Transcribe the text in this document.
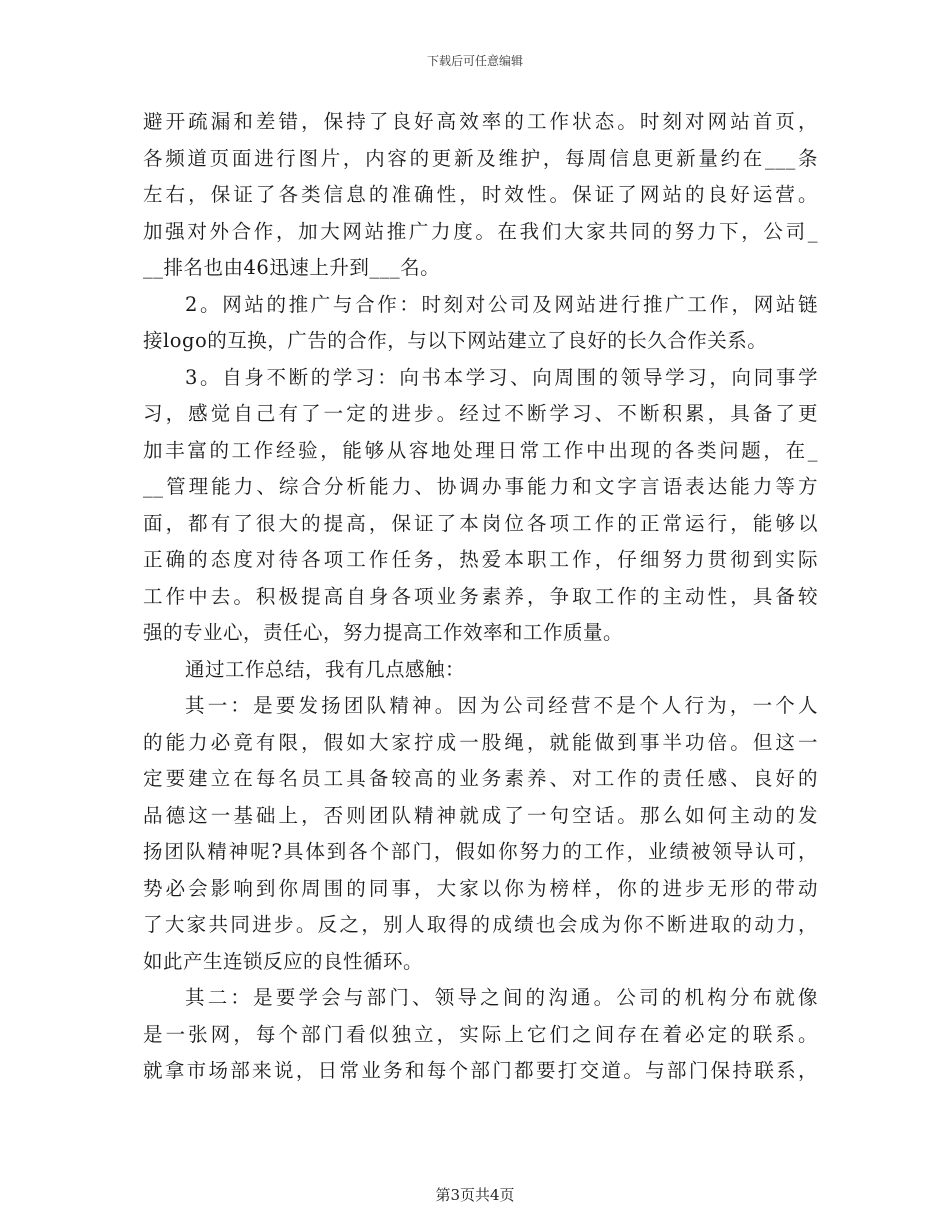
下载后可任意编辑
避开疏漏和差错，保持了良好高效率的工作状态。时刻对网站首页，
各频道页面进行图片，内容的更新及维护，每周信息更新量约在___条
左右，保证了各类信息的准确性，时效性。保证了网站的良好运营。
加强对外合作，加大网站推广力度。在我们大家共同的努力下，公司_
__排名也由46迅速上升到___名。
2。网站的推广与合作：时刻对公司及网站进行推广工作，网站链
接logo的互换，广告的合作，与以下网站建立了良好的长久合作关系。
3。自身不断的学习：向书本学习、向周围的领导学习，向同事学
习，感觉自己有了一定的进步。经过不断学习、不断积累，具备了更
加丰富的工作经验，能够从容地处理日常工作中出现的各类问题，在_
__管理能力、综合分析能力、协调办事能力和文字言语表达能力等方
面，都有了很大的提高，保证了本岗位各项工作的正常运行，能够以
正确的态度对待各项工作任务，热爱本职工作，仔细努力贯彻到实际
工作中去。积极提高自身各项业务素养，争取工作的主动性，具备较
强的专业心，责任心，努力提高工作效率和工作质量。
通过工作总结，我有几点感触：
其一：是要发扬团队精神。因为公司经营不是个人行为，一个人
的能力必竟有限，假如大家拧成一股绳，就能做到事半功倍。但这一
定要建立在每名员工具备较高的业务素养、对工作的责任感、良好的
品德这一基础上，否则团队精神就成了一句空话。那么如何主动的发
扬团队精神呢?具体到各个部门，假如你努力的工作，业绩被领导认可，
势必会影响到你周围的同事，大家以你为榜样，你的进步无形的带动
了大家共同进步。反之，别人取得的成绩也会成为你不断进取的动力，
如此产生连锁反应的良性循环。
其二：是要学会与部门、领导之间的沟通。公司的机构分布就像
是一张网，每个部门看似独立，实际上它们之间存在着必定的联系。
就拿市场部来说，日常业务和每个部门都要打交道。与部门保持联系，
第3页共4页
